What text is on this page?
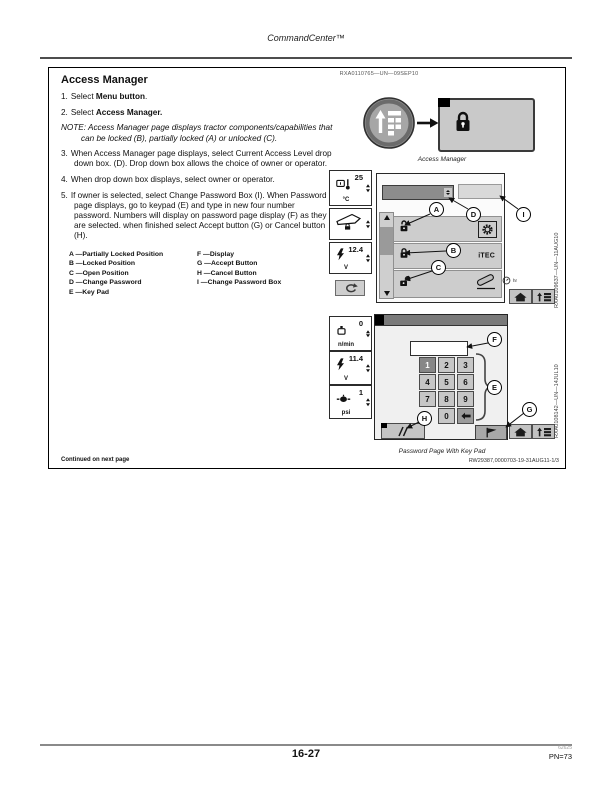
CommandCenter™
Access Manager	RXA0110765—UN—09SEP10

1. Select Menu button.

2. Select Access Manager.

NOTE: Access Manager page displays tractor components/capabilities that can be locked (B), partially locked (A) or unlocked (C).

3. When Access Manager page displays, select Current Access Level drop down box. (D). Drop down box allows the choice of owner or operator.

4. When drop down box displays, select owner or operator.

5. If owner is selected, select Change Password Box (I). When Password page displays, go to keypad (E) and type in new four number password. Numbers will display on password page display (F) as they are selected. when finished select Accept button (G) or Cancel button (H).

A —Partially Locked Position
B —Locked Position
C —Open Position
D —Change Password
E —Key Pad
F —Display
G —Accept Button
H —Cancel Button
I —Change Password Box
Access Manager
25
°C
12.4
V
iTEC
hr
A
B
C
D	I
RXA0109637—UN—11AUG10
0
n/min
11.4
V
1
psi
1	2	3
4	5	6
7	8	9
0
F
E
G
H	RXA0108142—UN—14JUL10
Password Page With Key Pad
Continued on next page	RW29387,0000703-19-31AUG11-1/3
16-27	62625
PN=73
